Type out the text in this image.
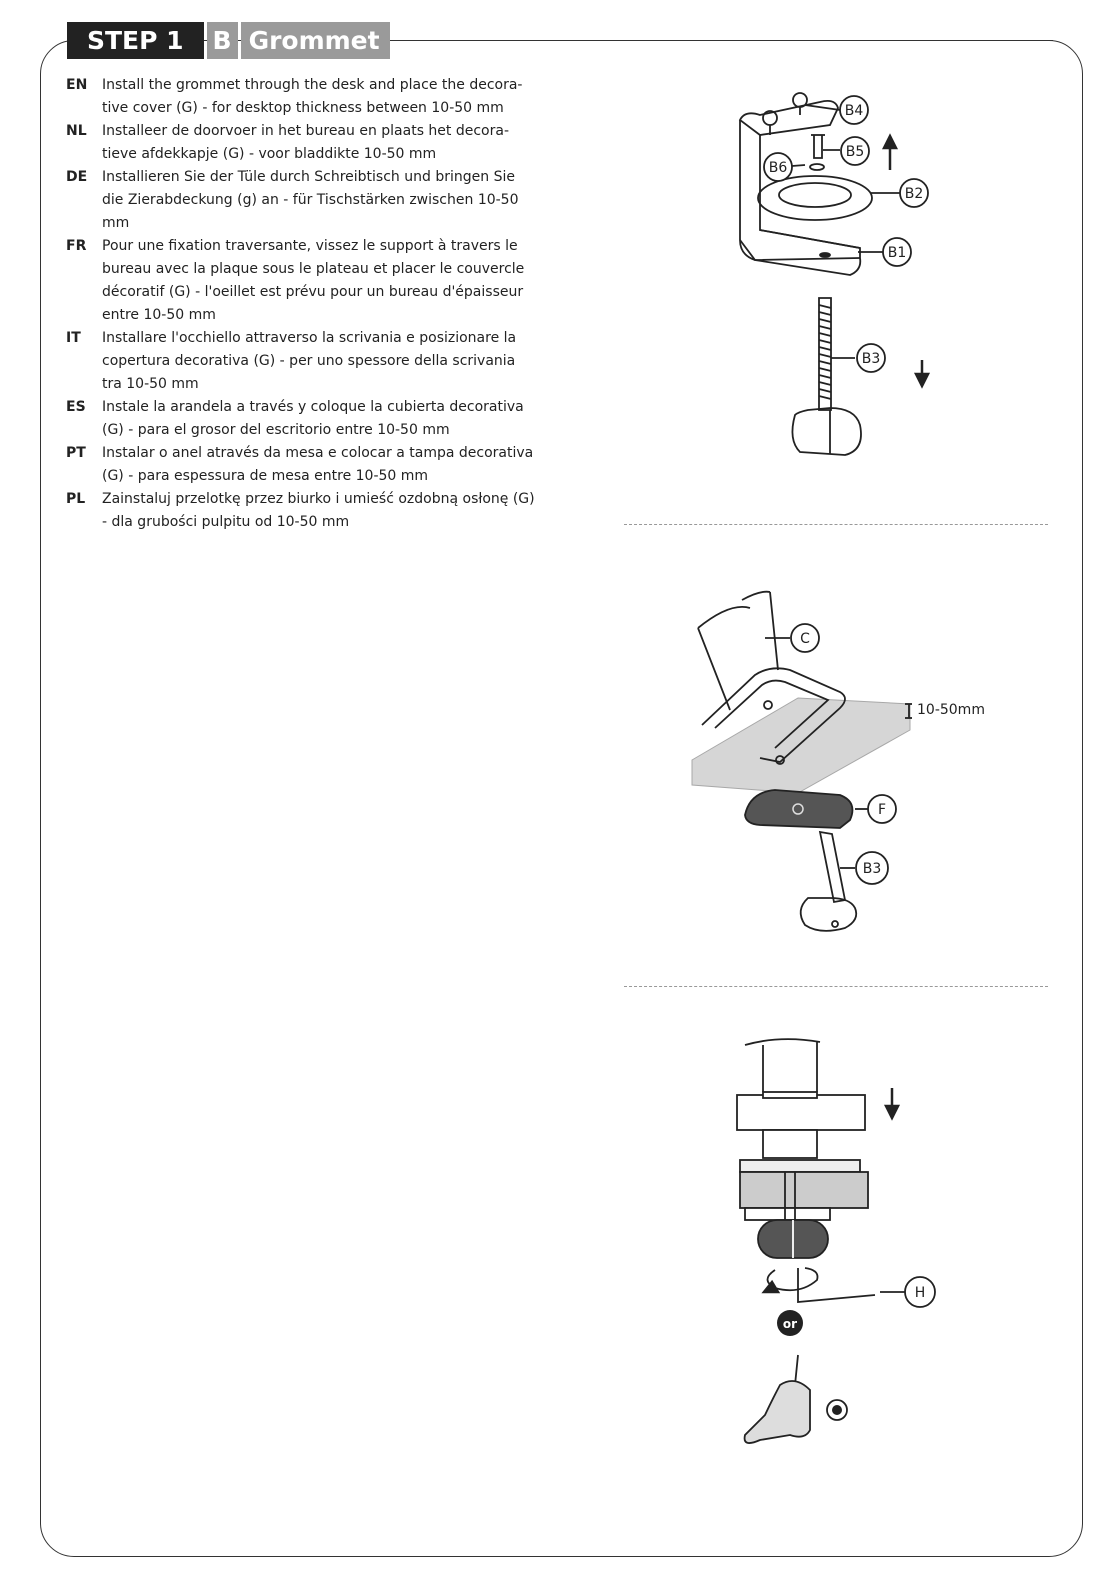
STEP 1	B Grommet
EN	Install the grommet through the desk and place the decora-tive cover (G) - for desktop thickness between 10-50 mm
NL	Installeer de doorvoer in het bureau en plaats het decora-tieve afdekkapje (G) - voor bladdikte 10-50 mm
DE	Installieren Sie der Tüle durch Schreibtisch und bringen Sie die Zierabdeckung (g) an - für Tischstärken zwischen 10-50 mm
FR	Pour une fixation traversante, vissez le support à travers le bureau avec la plaque sous le plateau et placer le couvercle décoratif (G) - l'oeillet est prévu pour un bureau d'épaisseur entre 10-50 mm
IT	Installare l'occhiello attraverso la scrivania e posizionare la copertura decorativa (G) - per uno spessore della scrivania tra 10-50 mm
ES	Instale la arandela a través y coloque la cubierta decorativa (G) - para el grosor del escritorio entre 10-50 mm
PT	Instalar o anel através da mesa e colocar a tampa decorativa (G) - para espessura de mesa entre 10-50 mm
PL	Zainstaluj przelotkę przez biurko i umieść ozdobną osłonę (G) - dla grubości pulpitu od 10-50 mm
B4
B5
B6
B2
B1
B3
C
F
B3
10-50mm
H
or
